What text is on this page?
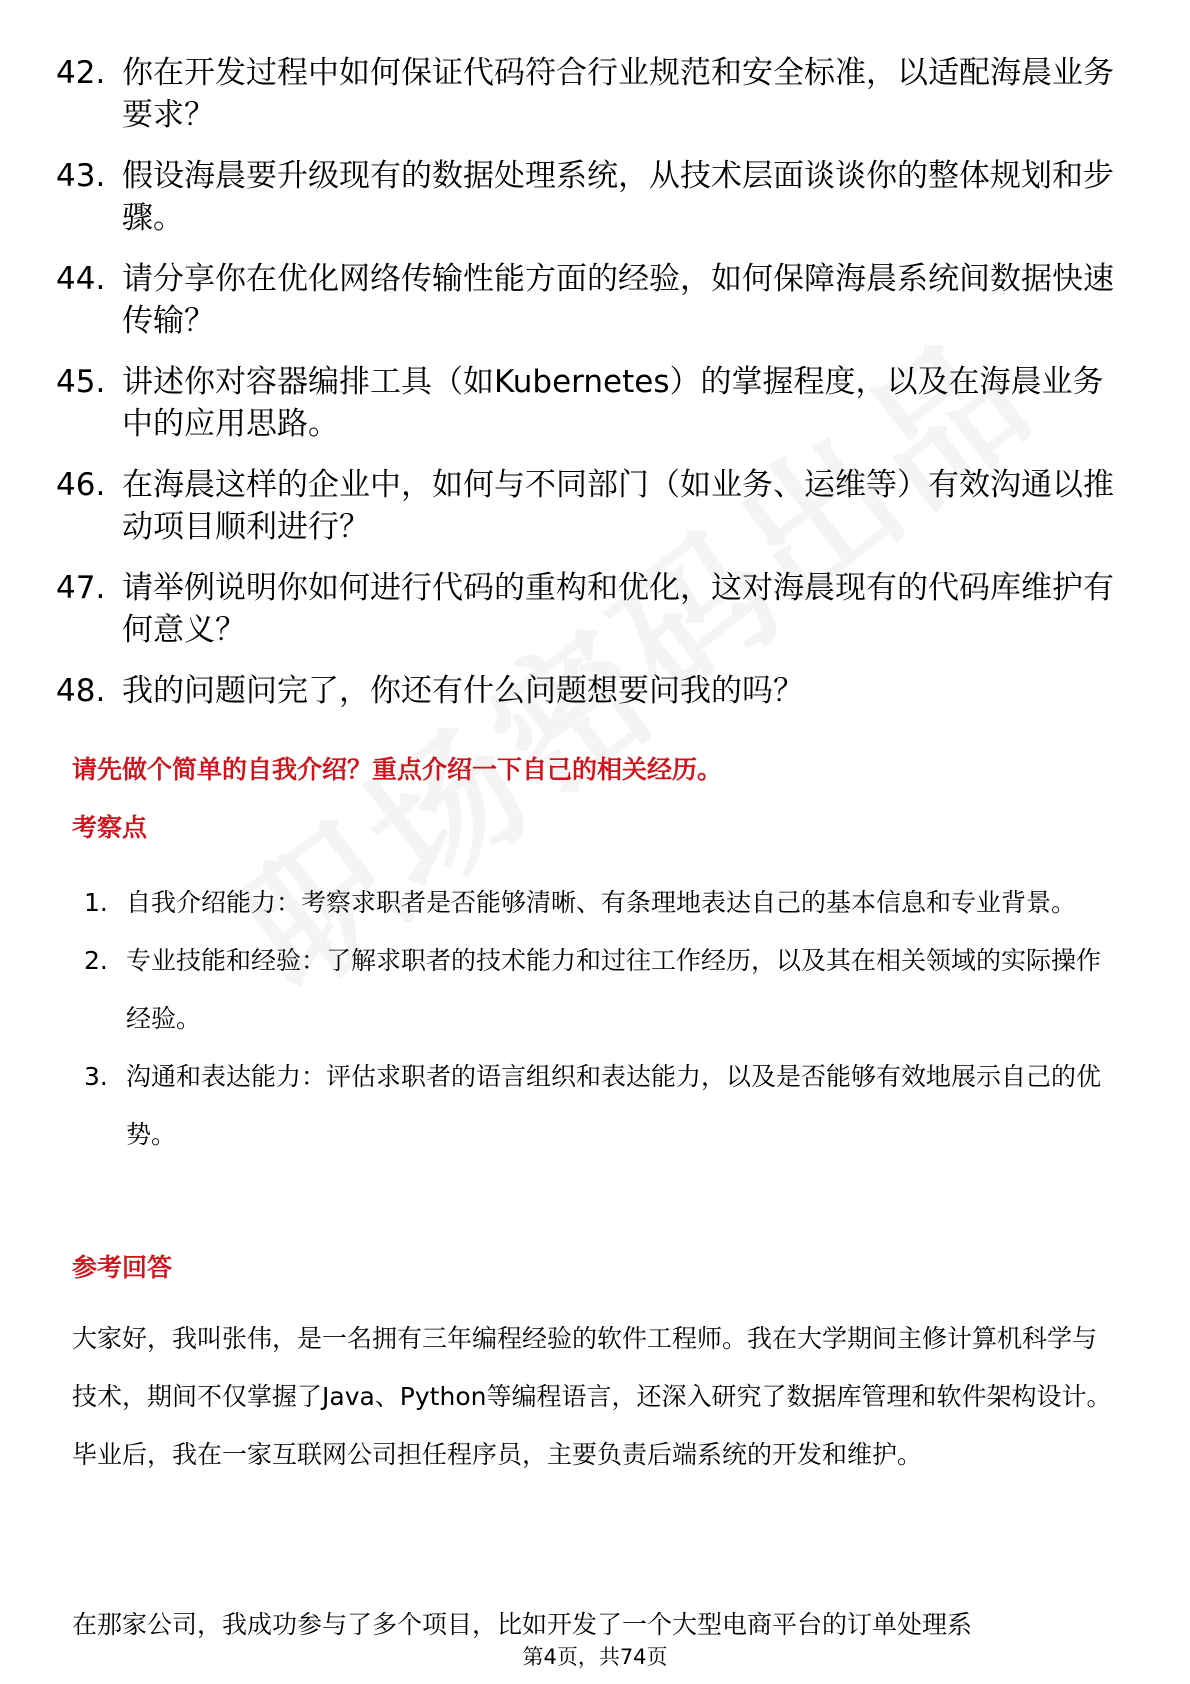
42. 你在开发过程中如何保证代码符合行业规范和安全标准，以适配海晨业务要求？
43. 假设海晨要升级现有的数据处理系统，从技术层面谈谈你的整体规划和步骤。
44. 请分享你在优化网络传输性能方面的经验，如何保障海晨系统间数据快速传输？
45. 讲述你对容器编排工具（如Kubernetes）的掌握程度，以及在海晨业务中的应用思路。
46. 在海晨这样的企业中，如何与不同部门（如业务、运维等）有效沟通以推动项目顺利进行？
47. 请举例说明你如何进行代码的重构和优化，这对海晨现有的代码库维护有何意义？
48. 我的问题问完了，你还有什么问题想要问我的吗？
请先做个简单的自我介绍？重点介绍一下自己的相关经历。
考察点
1. 自我介绍能力：考察求职者是否能够清晰、有条理地表达自己的基本信息和专业背景。
2. 专业技能和经验：了解求职者的技术能力和过往工作经历，以及其在相关领域的实际操作经验。
3. 沟通和表达能力：评估求职者的语言组织和表达能力，以及是否能够有效地展示自己的优势。
参考回答

大家好，我叫张伟，是一名拥有三年编程经验的软件工程师。我在大学期间主修计算机科学与技术，期间不仅掌握了Java、Python等编程语言，还深入研究了数据库管理和软件架构设计。毕业后，我在一家互联网公司担任程序员，主要负责后端系统的开发和维护。

在那家公司，我成功参与了多个项目，比如开发了一个大型电商平台的订单处理系

第4页，共74页
